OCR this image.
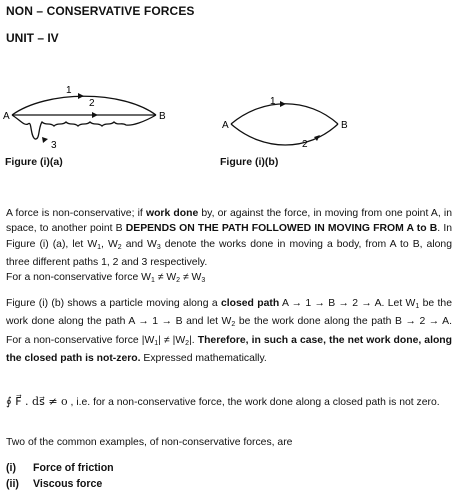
NON – CONSERVATIVE FORCES
UNIT – IV
A	B
1
2
3
Figure (i)(a)
A	B
1
2
Figure (i)(b)
A force is non-conservative; if work done by, or against the force, in moving from one point A, in space, to another point B DEPENDS ON THE PATH FOLLOWED IN MOVING FROM A to B. In Figure (i) (a), let $W_1$, $W_2$ and $W_3$ denote the works done in moving a body, from A to B, along three different paths 1, 2 and 3 respectively.
For a non-conservative force $W_1 \ne W_2 \ne W_3$
Figure (i) (b) shows a particle moving along a closed path A → 1 → B → 2 → A. Let $W_1$ be the work done along the path A → 1 → B and let $W_2$ be the work done along the path B → 2 → A. For a non-conservative force $|W_1| \ne |W_2|$. Therefore, in such a case, the net work done, along the closed path is not-zero. Expressed mathematically.
∮ F⃗ . ds⃗ ≠ o , i.e. for a non-conservative force, the work done along a closed path is not zero.
Two of the common examples, of non-conservative forces, are
(i) Force of friction
(ii) Viscous force
